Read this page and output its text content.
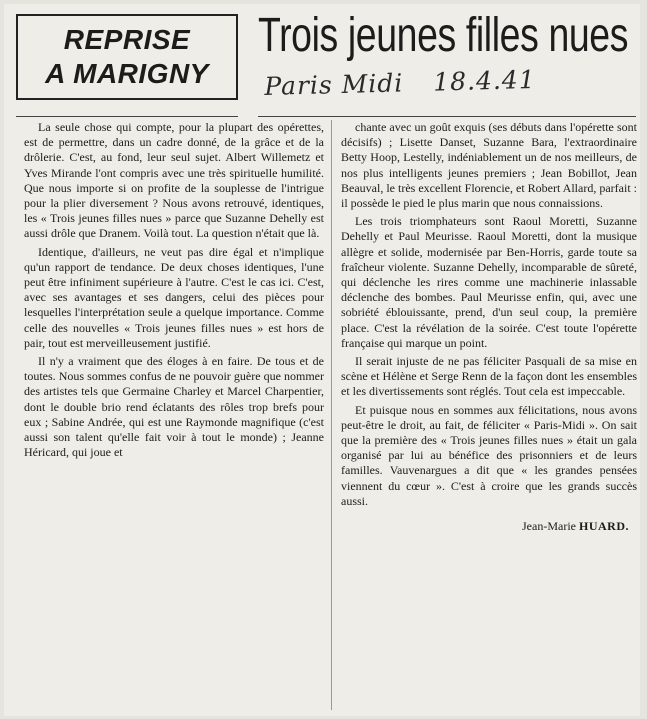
REPRISE
A MARIGNY
Trois jeunes filles nues
Paris Midi 18.4.41

La seule chose qui compte, pour la plupart des opérettes, est de permettre, dans un cadre donné, de la grâce et de la drôlerie. C'est, au fond, leur seul sujet. Albert Willemetz et Yves Mirande l'ont compris avec une très spirituelle humilité. Que nous importe si on profite de la souplesse de l'intrigue pour la plier diversement ? Nous avons retrouvé, identiques, les « Trois jeunes filles nues » parce que Suzanne Dehelly est aussi drôle que Dranem. Voilà tout. La question n'était que là.

Identique, d'ailleurs, ne veut pas dire égal et n'implique qu'un rapport de tendance. De deux choses identiques, l'une peut être infiniment supérieure à l'autre. C'est le cas ici. C'est, avec ses avantages et ses dangers, celui des pièces pour lesquelles l'interprétation seule a quelque importance. Comme celle des nouvelles « Trois jeunes filles nues » est hors de pair, tout est merveilleusement justifié.

Il n'y a vraiment que des éloges à en faire. De tous et de toutes. Nous sommes confus de ne pouvoir guère que nommer des artistes tels que Germaine Charley et Marcel Charpentier, dont le double brio rend éclatants des rôles trop brefs pour eux ; Sabine Andrée, qui est une Raymonde magnifique (c'est aussi son talent qu'elle fait voir à tout le monde) ; Jeanne Héricard, qui joue et

chante avec un goût exquis (ses débuts dans l'opérette sont décisifs) ; Lisette Danset, Suzanne Bara, l'extraordinaire Betty Hoop, Lestelly, indéniablement un de nos meilleurs, de nos plus intelligents jeunes premiers ; Jean Bobillot, Jean Beauval, le très excellent Florencie, et Robert Allard, parfait : il possède le pied le plus marin que nous connaissions.

Les trois triomphateurs sont Raoul Moretti, Suzanne Dehelly et Paul Meurisse. Raoul Moretti, dont la musique allègre et solide, modernisée par Ben-Horris, garde toute sa fraîcheur violente. Suzanne Dehelly, incomparable de sûreté, qui déclenche les rires comme une machinerie inlassable déclenche des bombes. Paul Meurisse enfin, qui, avec une sobriété éblouissante, prend, d'un seul coup, la première place. C'est la révélation de la soirée. C'est toute l'opérette française qui marque un point.

Il serait injuste de ne pas féliciter Pasquali de sa mise en scène et Hélène et Serge Renn de la façon dont les ensembles et les divertissements sont réglés. Tout cela est impeccable.

Et puisque nous en sommes aux félicitations, nous avons peut-être le droit, au fait, de féliciter « Paris-Midi ». On sait que la première des « Trois jeunes filles nues » était un gala organisé par lui au bénéfice des prisonniers et de leurs familles. Vauvenargues a dit que « les grandes pensées viennent du cœur ». C'est à croire que les grands succès aussi.

Jean-Marie HUARD.
